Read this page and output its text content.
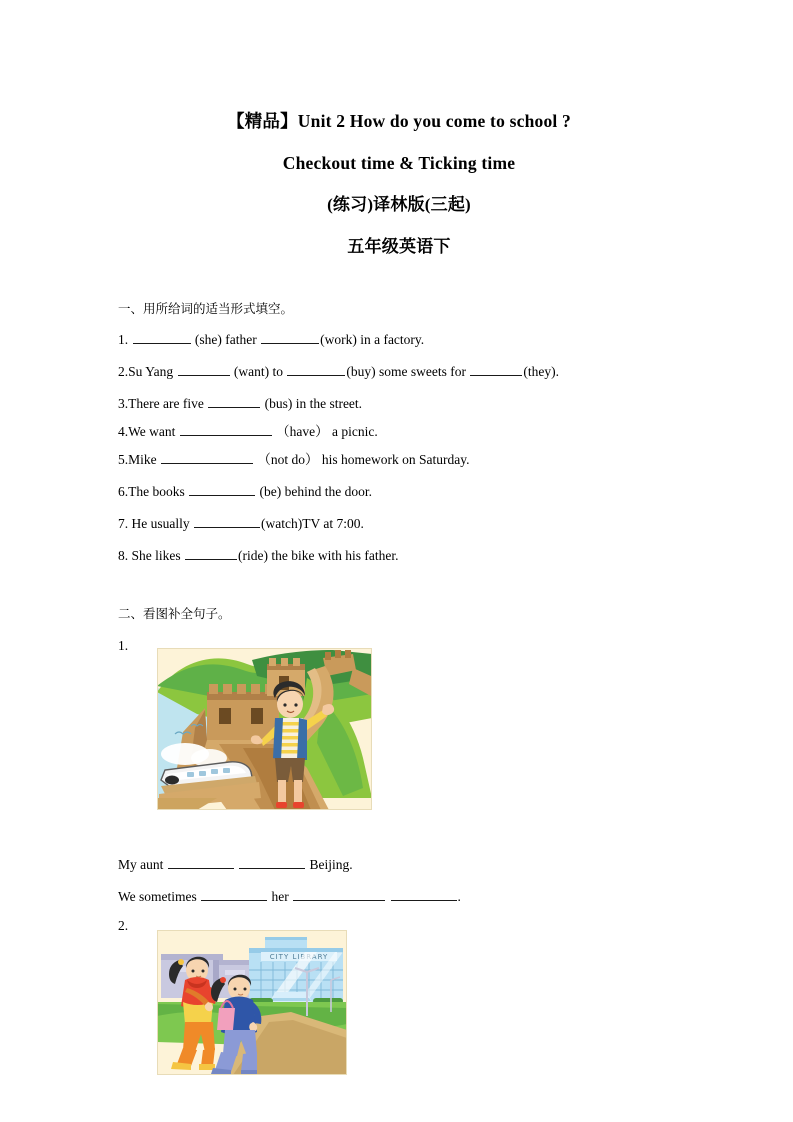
【精品】Unit 2 How do you come to school ?
Checkout time & Ticking time
(练习)译林版(三起)
五年级英语下
一、用所给词的适当形式填空。
1.	(she) father	(work) in a factory.
2.Su Yang	(want) to	(buy) some sweets for	(they).
3.There are five	(bus) in the street.
4.We want	（have） a picnic.
5.Mike	（not do） his homework on Saturday.
6.The books	(be) behind the door.
7. He usually	(watch)TV at 7:00.
8. She likes	(ride) the bike with his father.
二、看图补全句子。
1.
My aunt	Beijing.
We sometimes	her	.
2.
CITY LIBRARY
